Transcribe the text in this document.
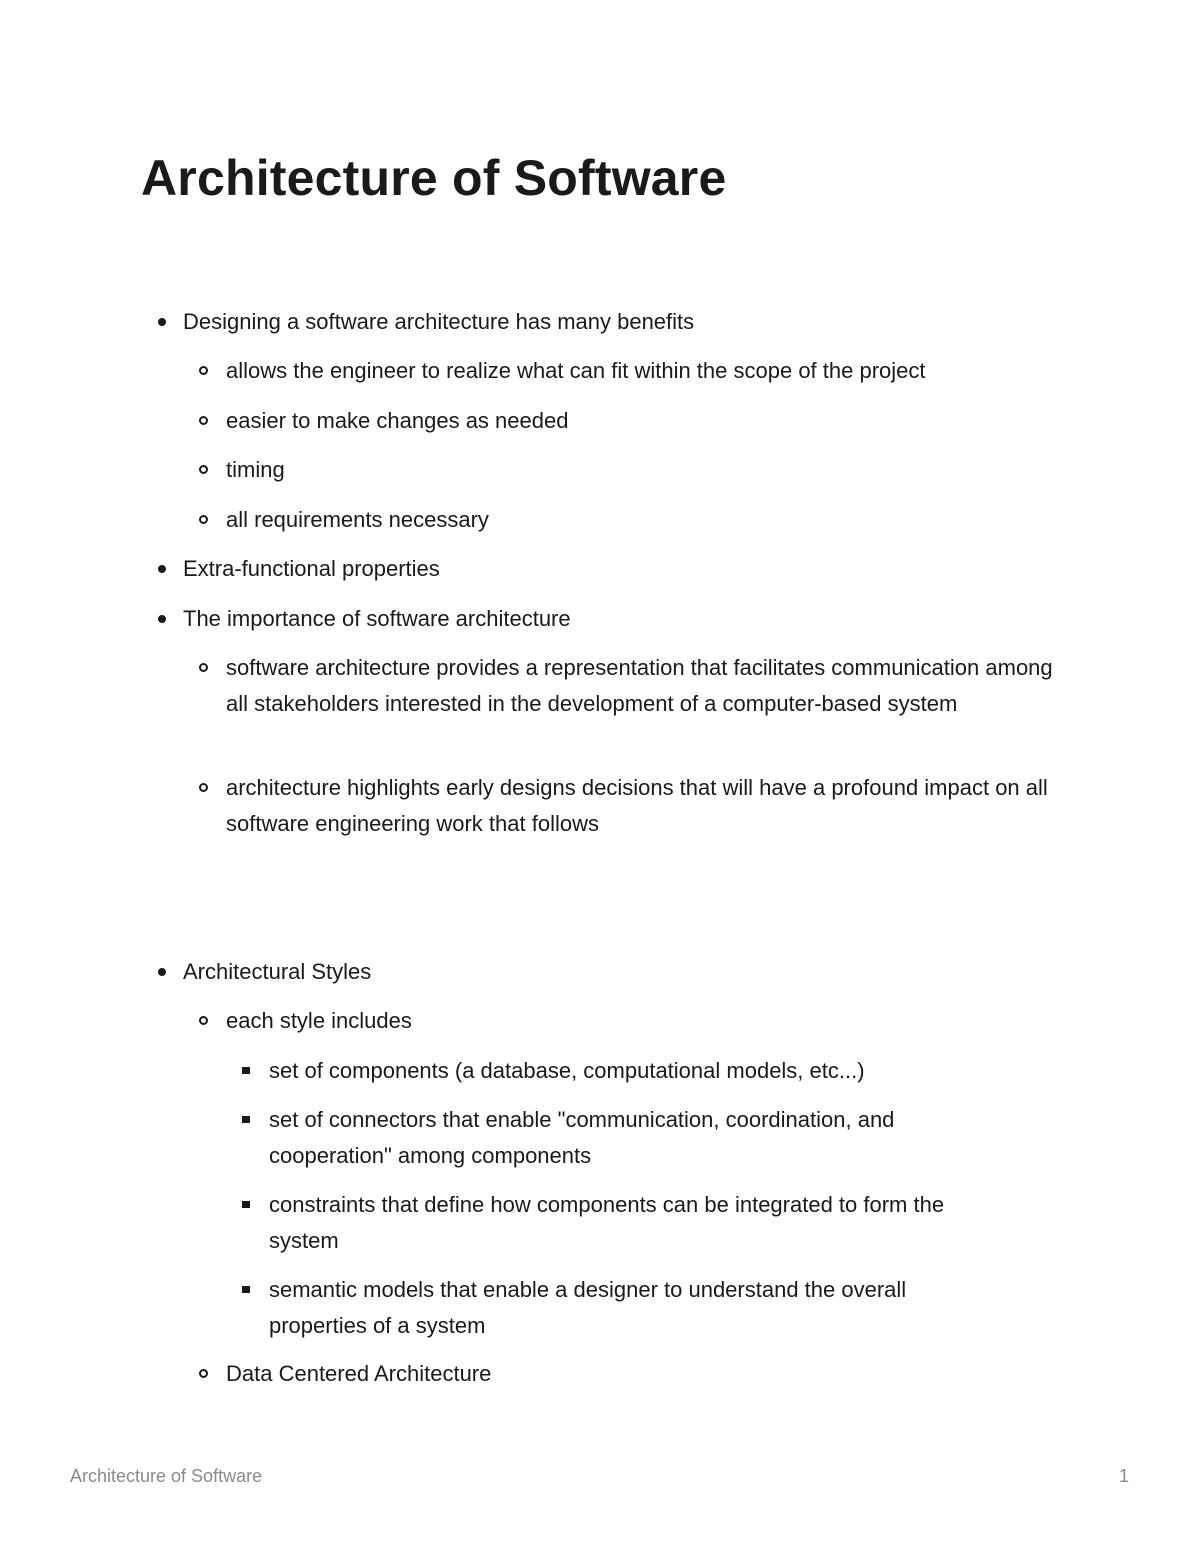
Architecture of Software
Designing a software architecture has many benefits
allows the engineer to realize what can fit within the scope of the project
easier to make changes as needed
timing
all requirements necessary
Extra-functional properties
The importance of software architecture
software architecture provides a representation that facilitates communication among all stakeholders interested in the development of a computer-based system
architecture highlights early designs decisions that will have a profound impact on all software engineering work that follows
Architectural Styles
each style includes
set of components (a database, computational models, etc...)
set of connectors that enable "communication, coordination, and cooperation" among components
constraints that define how components can be integrated to form the system
semantic models that enable a designer to understand the overall properties of a system
Data Centered Architecture
Architecture of Software	1
